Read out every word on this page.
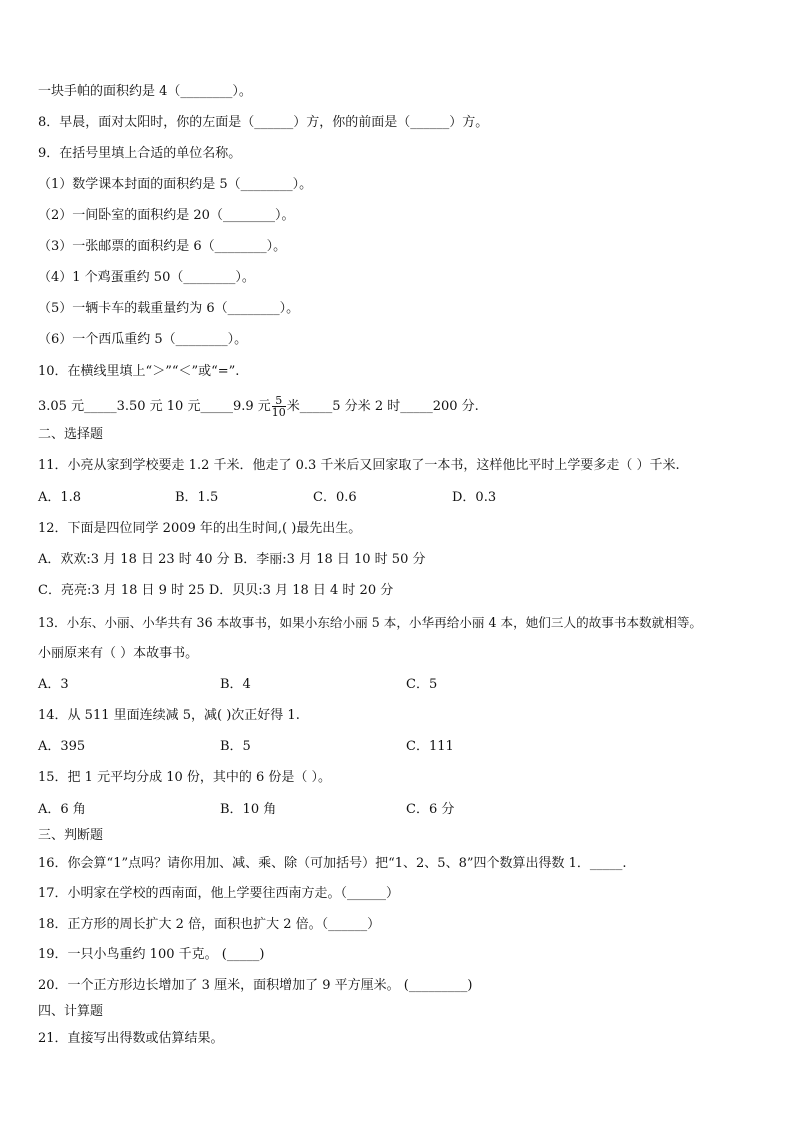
一块手帕的面积约是 4（________）。
8．早晨，面对太阳时，你的左面是（______）方，你的前面是（______）方。
9．在括号里填上合适的单位名称。
（1）数学课本封面的面积约是 5（________）。
（2）一间卧室的面积约是 20（________）。
（3）一张邮票的面积约是 6（________）。
（4）1 个鸡蛋重约 50（________）。
（5）一辆卡车的载重量约为 6（________）。
（6）一个西瓜重约 5（________）。
10．在横线里填上“＞”“＜”或“=”.
3.05 元_____3.50 元 10 元_____9.9 元 $\frac{5}{10}$ 米_____5 分米 2 时_____200 分.
二、选择题
11．小亮从家到学校要走 1.2 千米．他走了 0.3 千米后又回家取了一本书，这样他比平时上学要多走（ ）千米.
A．1.8	B．1.5	C．0.6	D．0.3
12．下面是四位同学 2009 年的出生时间,( )最先出生。
A．欢欢:3 月 18 日 23 时 40 分 B．李丽:3 月 18 日 10 时 50 分
C．亮亮:3 月 18 日 9 时 25 D．贝贝:3 月 18 日 4 时 20 分
13．小东、小丽、小华共有 36 本故事书，如果小东给小丽 5 本，小华再给小丽 4 本，她们三人的故事书本数就相等。
小丽原来有（ ）本故事书。
A．3	B．4	C．5
14．从 511 里面连续减 5，减( )次正好得 1.
A．395	B．5	C．111
15．把 1 元平均分成 10 份，其中的 6 份是（ ）。
A．6 角	B．10 角	C．6 分
三、判断题
16．你会算“1”点吗？请你用加、减、乘、除（可加括号）把“1、2、5、8”四个数算出得数 1．_____.
17．小明家在学校的西南面，他上学要往西南方走。（______）
18．正方形的周长扩大 2 倍，面积也扩大 2 倍。（______）
19．一只小鸟重约 100 千克。 (_____)
20．一个正方形边长增加了 3 厘米，面积增加了 9 平方厘米。 (_________)
四、计算题
21．直接写出得数或估算结果。
